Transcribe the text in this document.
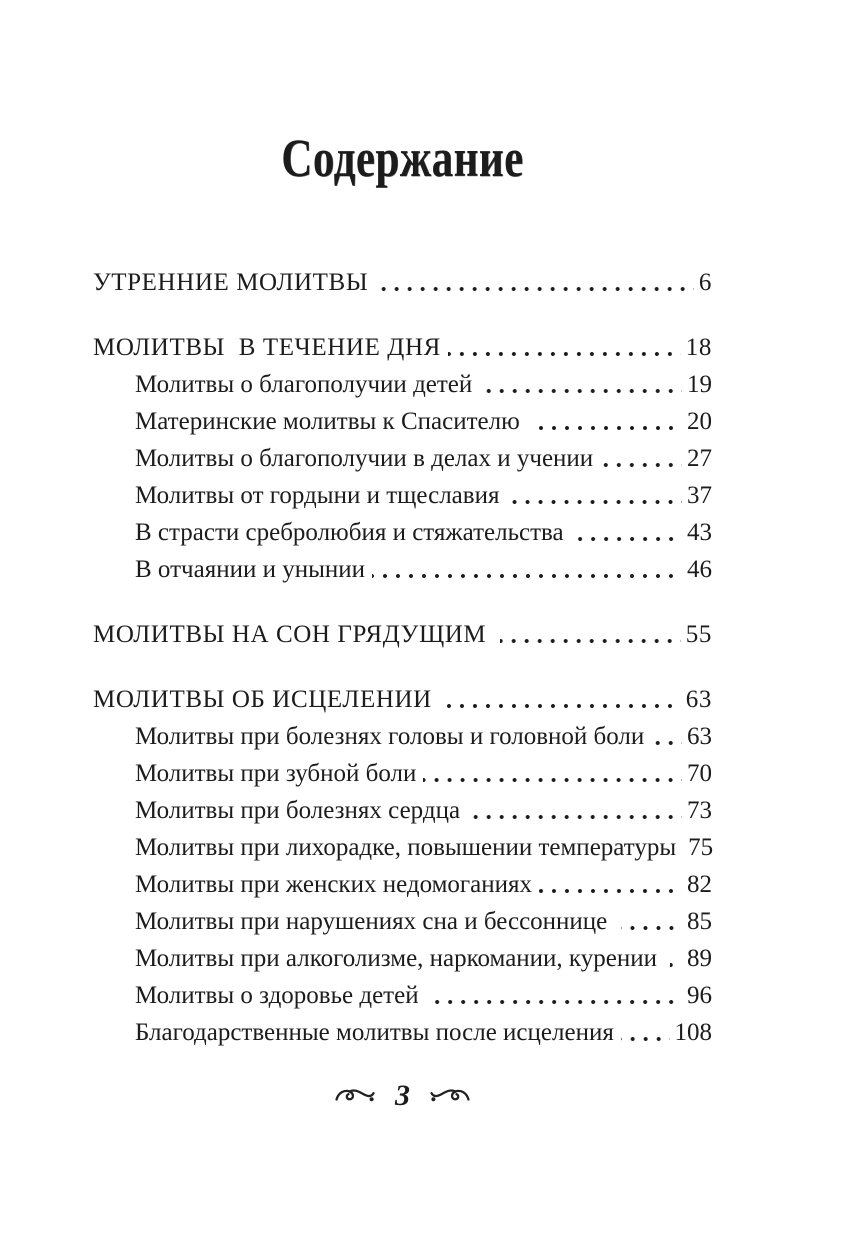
Содержание
УТРЕННИЕ МОЛИТВЫ	6
МОЛИТВЫ  В ТЕЧЕНИЕ ДНЯ	18
Молитвы о благополучии детей	19
Материнские молитвы к Спасителю	20
Молитвы о благополучии в делах и учении	27
Молитвы от гордыни и тщеславия	37
В страсти сребролюбия и стяжательства	43
В отчаянии и унынии	46
МОЛИТВЫ НА СОН ГРЯДУЩИМ	55
МОЛИТВЫ ОБ ИСЦЕЛЕНИИ	63
Молитвы при болезнях головы и головной боли 63
Молитвы при зубной боли	70
Молитвы при болезнях сердца	73
Молитвы при лихорадке, повышении температуры 75
Молитвы при женских недомоганиях	82
Молитвы при нарушениях сна и бессоннице	85
Молитвы при алкоголизме, наркомании, курении 89
Молитвы о здоровье детей	96
Благодарственные молитвы после исцеления 108
3
